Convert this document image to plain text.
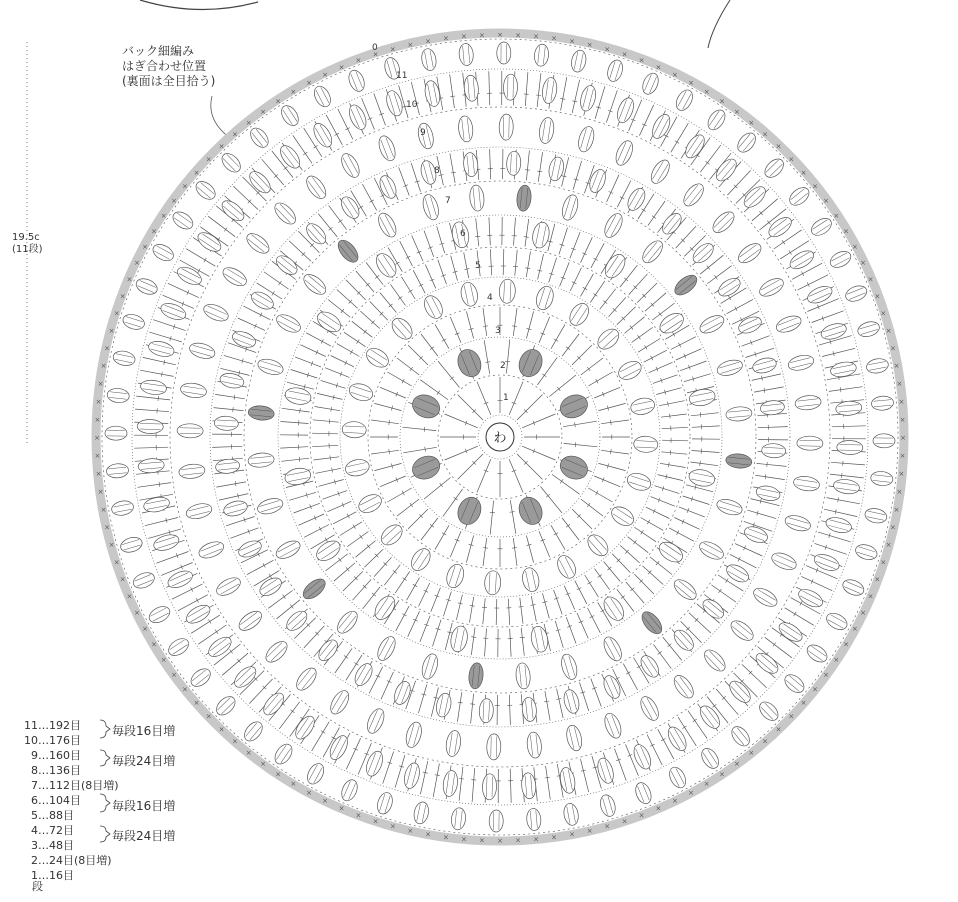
×
×
×
×
×
×
×
×
×
×
×
×
×
×
×
×
×
×
×
×
×
×
×
×
×
×
×
×
×
×
×
×
×
×
×
×
×
×
×
×
×
×
×
×
×
×
×
×
×
×
×
×
×
×
×
×
×
×
×
×
×
×
×
×
×
×
×
×
×
×
×
×
×
×
×
×
×
×
×
×
×
×
×
×
×
×
×
×
×
×
×
×
×
×
×
×
×
×
×
×
× × × × × × × × × × ×
×
×
×
×
×
×
×
×
×
×
×
×
×
×
×
×
×
×
×
×
×
×
×
×
×
×
×
×
×
1
2
3
4
5
6
7
8
9
10
11
0
わ
バック細編み
はぎ合わせ位置
(裏面は全目拾う)
19.5c
(11段)
11…192目
10…176目
9…160目
8…136目
7…112目(8目増)
6…104目
5…88目
4…72目
3…48目
2…24目(8目増)
1…16目
毎段16目増
毎段24目増
毎段16目増
毎段24目増
段
